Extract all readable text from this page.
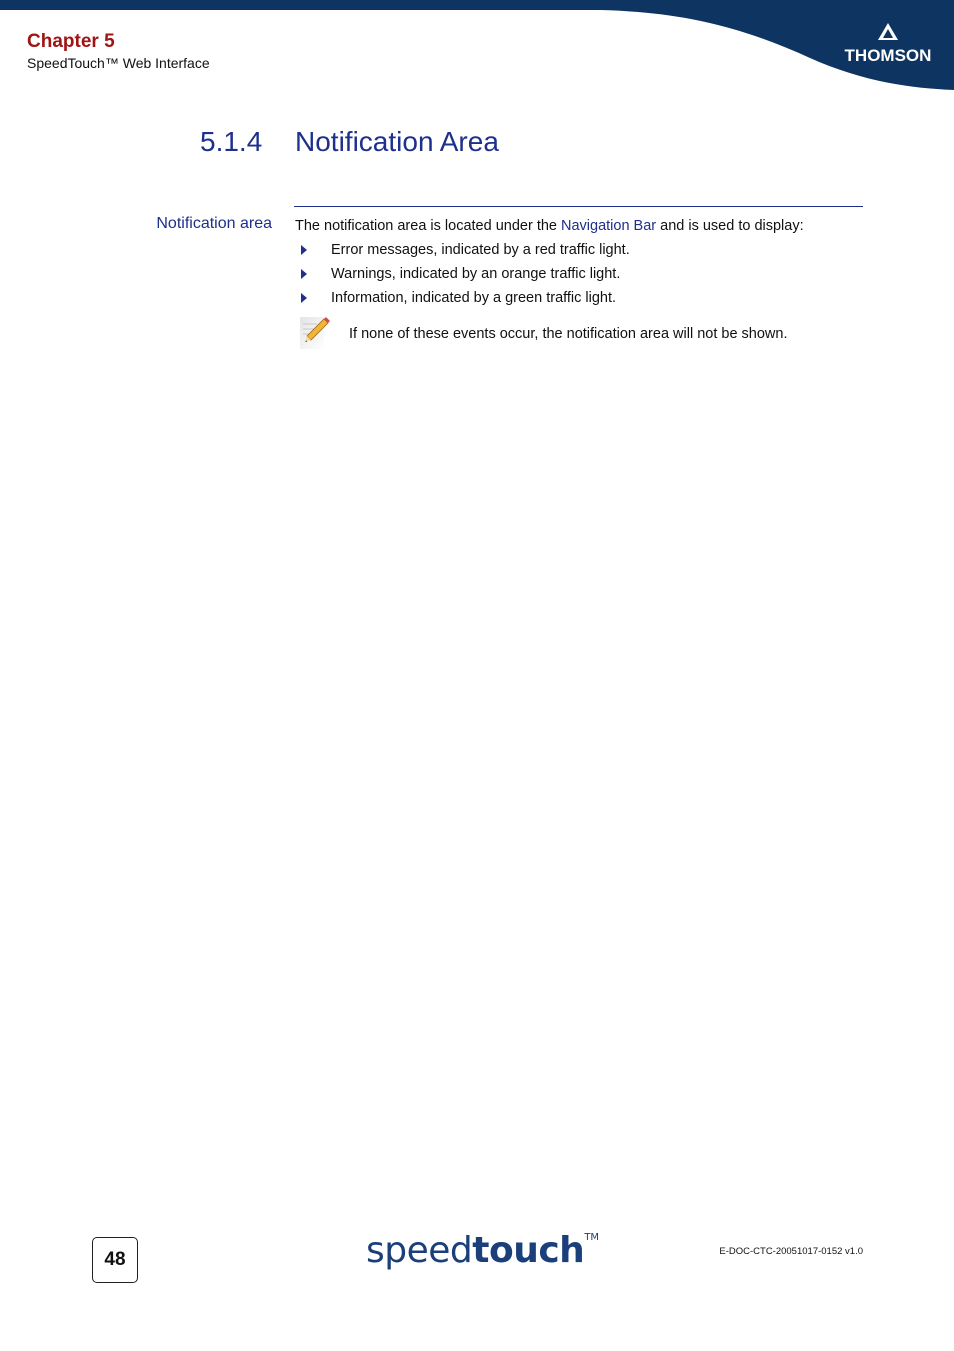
THOMSON
Chapter 5
SpeedTouch™ Web Interface
5.1.4 Notification Area
Notification area The notification area is located under the Navigation Bar and is used to display:
Error messages, indicated by a red traffic light.
Warnings, indicated by an orange traffic light.
Information, indicated by a green traffic light.
If none of these events occur, the notification area will not be shown.
48	speedtouch™
E-DOC-CTC-20051017-0152 v1.0
